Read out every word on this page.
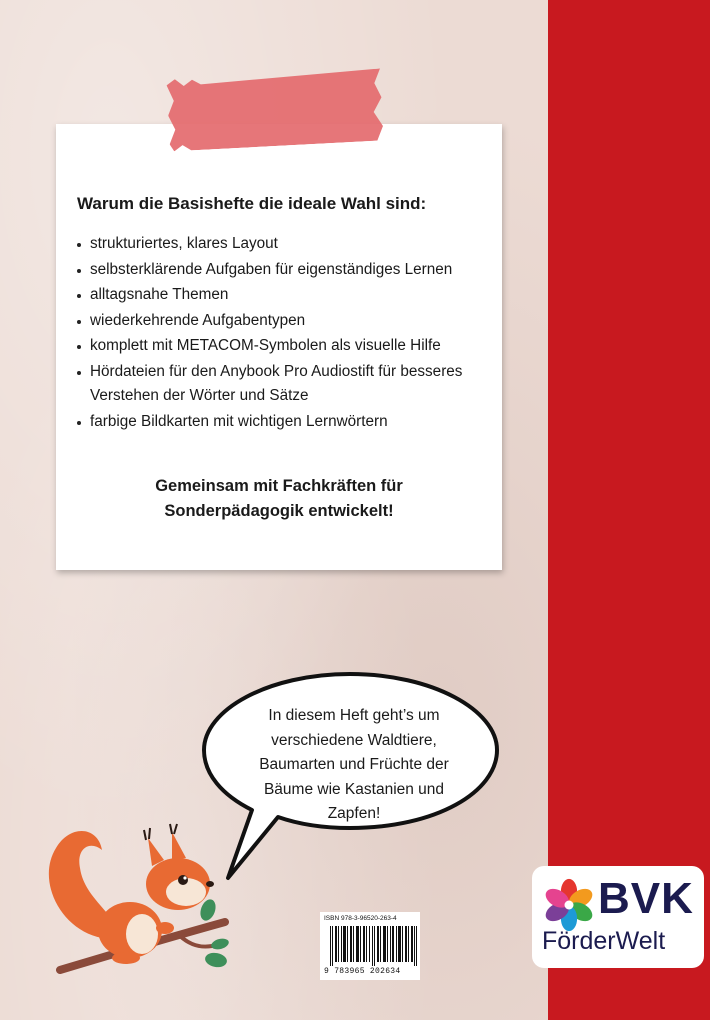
Warum die Basishefte die ideale Wahl sind:
strukturiertes, klares Layout
selbsterklärende Aufgaben für eigenständiges Lernen
alltagsnahe Themen
wiederkehrende Aufgabentypen
komplett mit METACOM-Symbolen als visuelle Hilfe
Hördateien für den Anybook Pro Audiostift für besseres Verstehen der Wörter und Sätze
farbige Bildkarten mit wichtigen Lernwörtern
Gemeinsam mit Fachkräften für
Sonderpädagogik entwickelt!
In diesem Heft geht’s um
verschiedene Waldtiere,
Baumarten und Früchte der
Bäume wie Kastanien und
Zapfen!
ISBN 978-3-96520-263-4
9 783965 202634
BVK
FörderWelt
